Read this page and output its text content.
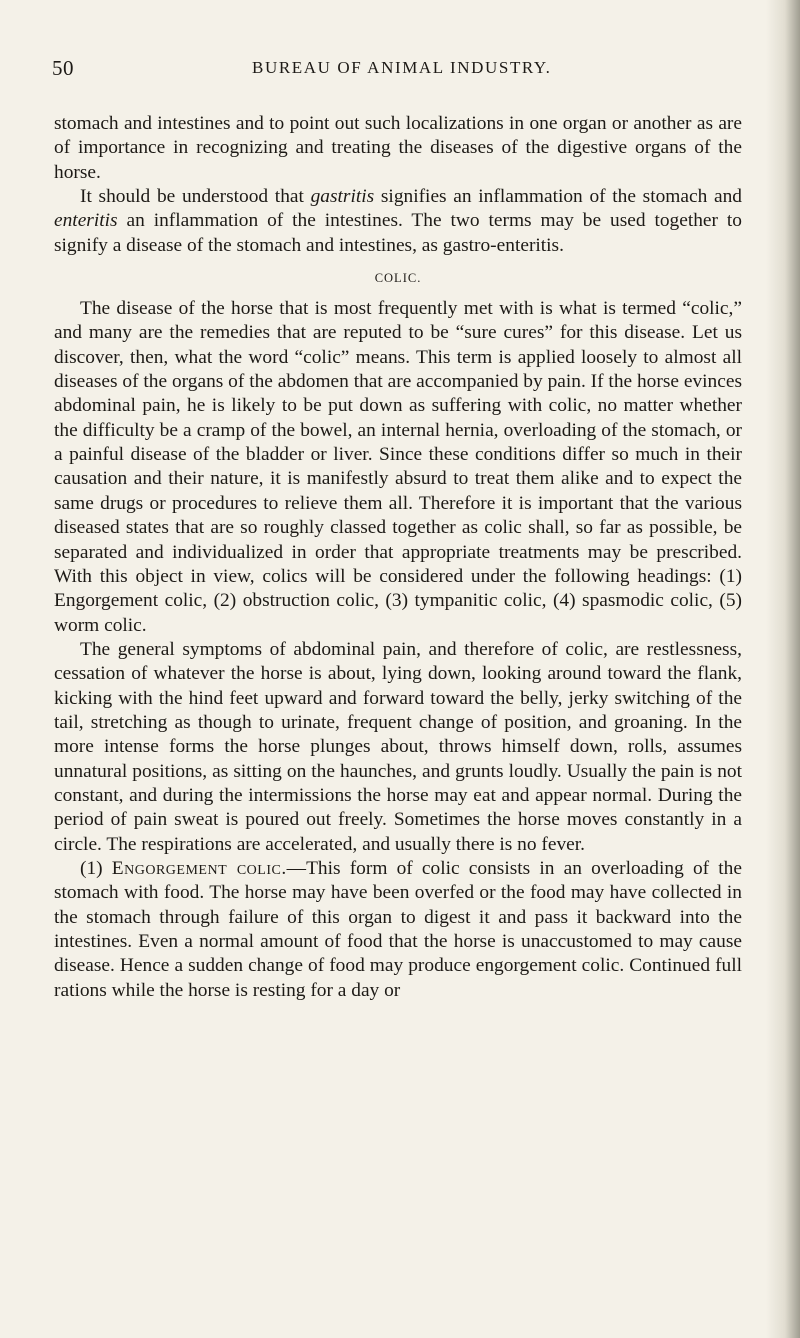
50	BUREAU OF ANIMAL INDUSTRY.

stomach and intestines and to point out such localizations in one organ or another as are of importance in recognizing and treating the diseases of the digestive organs of the horse.

It should be understood that gastritis signifies an inflammation of the stomach and enteritis an inflammation of the intestines. The two terms may be used together to signify a disease of the stomach and intestines, as gastro-enteritis.

COLIC.

The disease of the horse that is most frequently met with is what is termed “colic,” and many are the remedies that are reputed to be “sure cures” for this disease. Let us discover, then, what the word “colic” means. This term is applied loosely to almost all diseases of the organs of the abdomen that are accompanied by pain. If the horse evinces abdominal pain, he is likely to be put down as suffering with colic, no matter whether the difficulty be a cramp of the bowel, an internal hernia, overloading of the stomach, or a painful disease of the bladder or liver. Since these conditions differ so much in their causation and their nature, it is manifestly absurd to treat them alike and to expect the same drugs or procedures to relieve them all. Therefore it is important that the various diseased states that are so roughly classed together as colic shall, so far as possible, be separated and individualized in order that appropriate treatments may be prescribed. With this object in view, colics will be considered under the following headings: (1) Engorgement colic, (2) obstruction colic, (3) tympanitic colic, (4) spasmodic colic, (5) worm colic.

The general symptoms of abdominal pain, and therefore of colic, are restlessness, cessation of whatever the horse is about, lying down, looking around toward the flank, kicking with the hind feet upward and forward toward the belly, jerky switching of the tail, stretching as though to urinate, frequent change of position, and groaning. In the more intense forms the horse plunges about, throws himself down, rolls, assumes unnatural positions, as sitting on the haunches, and grunts loudly. Usually the pain is not constant, and during the intermissions the horse may eat and appear normal. During the period of pain sweat is poured out freely. Sometimes the horse moves constantly in a circle. The respirations are accelerated, and usually there is no fever.

(1) Engorgement colic.—This form of colic consists in an overloading of the stomach with food. The horse may have been overfed or the food may have collected in the stomach through failure of this organ to digest it and pass it backward into the intestines. Even a normal amount of food that the horse is unaccustomed to may cause disease. Hence a sudden change of food may produce engorgement colic. Continued full rations while the horse is resting for a day or
